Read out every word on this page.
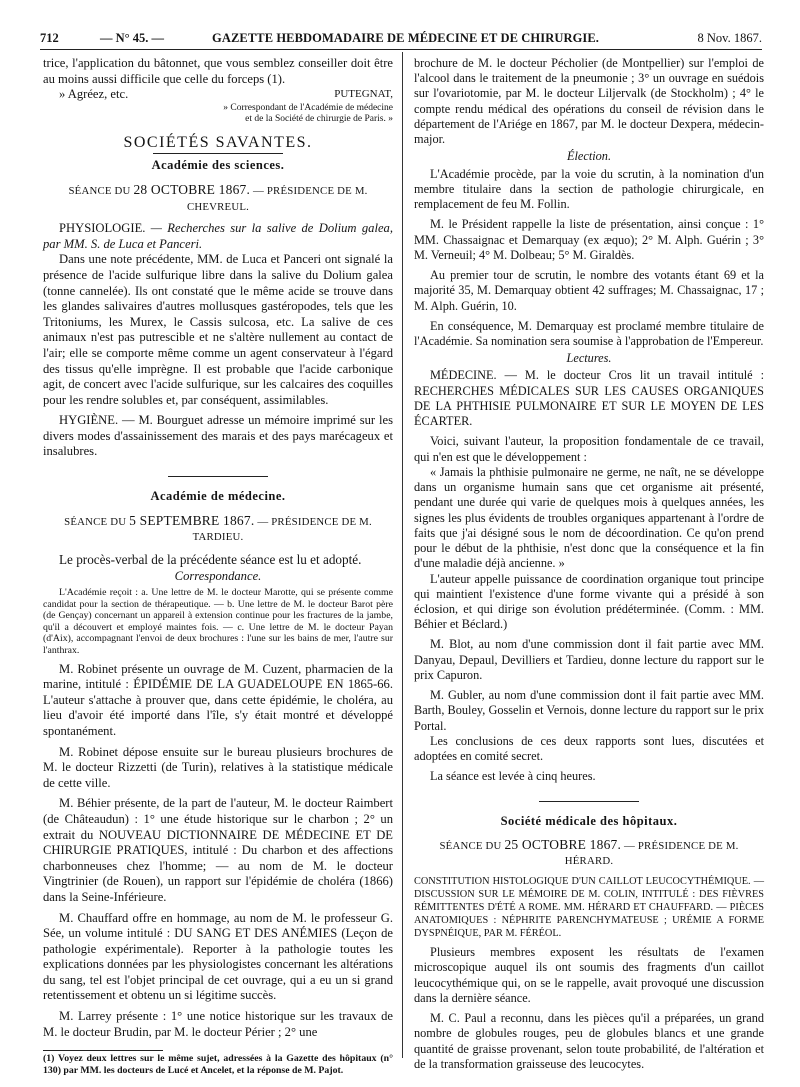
712	— N° 45. —	GAZETTE HEBDOMADAIRE DE MÉDECINE ET DE CHIRURGIE.	8 Nov. 1867.

trice, l'application du bâtonnet, que vous semblez conseiller doit être au moins aussi difficile que celle du forceps (1).

» Agréez, etc.	PUTEGNAT,

» Correspondant de l'Académie de médecine

et de la Société de chirurgie de Paris. »

SOCIÉTÉS SAVANTES.
Académie des sciences.
SÉANCE DU 28 OCTOBRE 1867. — PRÉSIDENCE DE M. CHEVREUL.

PHYSIOLOGIE. — Recherches sur la salive de Dolium galea, par MM. S. de Luca et Panceri.

Dans une note précédente, MM. de Luca et Panceri ont signalé la présence de l'acide sulfurique libre dans la salive du Dolium galea (tonne cannelée). Ils ont constaté que le même acide se trouve dans les glandes salivaires d'autres mollusques gastéropodes, tels que les Tritoniums, les Murex, le Cassis sulcosa, etc. La salive de ces animaux n'est pas putrescible et ne s'altère nullement au contact de l'air; elle se comporte même comme un agent conservateur à l'égard des tissus qu'elle imprègne. Il est probable que l'acide carbonique agit, de concert avec l'acide sulfurique, sur les calcaires des coquilles pour les rendre solubles et, par conséquent, assimilables.

HYGIÈNE. — M. Bourguet adresse un mémoire imprimé sur les divers modes d'assainissement des marais et des pays marécageux et insalubres.

Académie de médecine.
SÉANCE DU 5 SEPTEMBRE 1867. — PRÉSIDENCE DE M. TARDIEU.

Le procès-verbal de la précédente séance est lu et adopté.

Correspondance.

L'Académie reçoit : a. Une lettre de M. le docteur Marotte, qui se présente comme candidat pour la section de thérapeutique. — b. Une lettre de M. le docteur Barot père (de Gençay) concernant un appareil à extension continue pour les fractures de la jambe, qu'il a découvert et employé maintes fois. — c. Une lettre de M. le docteur Payan (d'Aix), accompagnant l'envoi de deux brochures : l'une sur les bains de mer, l'autre sur l'anthrax.

M. Robinet présente un ouvrage de M. Cuzent, pharmacien de la marine, intitulé : ÉPIDÉMIE DE LA GUADELOUPE EN 1865-66. L'auteur s'attache à prouver que, dans cette épidémie, le choléra, au lieu d'avoir été importé dans l'île, s'y était montré et développé spontanément.

M. Robinet dépose ensuite sur le bureau plusieurs brochures de M. le docteur Rizzetti (de Turin), relatives à la statistique médicale de cette ville.

M. Béhier présente, de la part de l'auteur, M. le docteur Raimbert (de Châteaudun) : 1° une étude historique sur le charbon ; 2° un extrait du NOUVEAU DICTIONNAIRE DE MÉDECINE ET DE CHIRURGIE PRATIQUES, intitulé : Du charbon et des affections charbonneuses chez l'homme; — au nom de M. le docteur Vingtrinier (de Rouen), un rapport sur l'épidémie de choléra (1866) dans la Seine-Inférieure.

M. Chauffard offre en hommage, au nom de M. le professeur G. Sée, un volume intitulé : DU SANG ET DES ANÉMIES (Leçon de pathologie expérimentale). Reporter à la pathologie toutes les explications données par les physiologistes concernant les altérations du sang, tel est l'objet principal de cet ouvrage, qui a eu un si grand retentissement et obtenu un si légitime succès.

M. Larrey présente : 1° une notice historique sur les travaux de M. le docteur Brudin, par M. le docteur Périer ; 2° une

(1) Voyez deux lettres sur le même sujet, adressées à la Gazette des hôpitaux (n° 130) par MM. les docteurs de Lucé et Ancelet, et la réponse de M. Pajot.

brochure de M. le docteur Pécholier (de Montpellier) sur l'emploi de l'alcool dans le traitement de la pneumonie ; 3° un ouvrage en suédois sur l'ovariotomie, par M. le docteur Liljervalk (de Stockholm) ; 4° le compte rendu médical des opérations du conseil de révision dans le département de l'Ariége en 1867, par M. le docteur Dexpera, médecin-major.

Élection.

L'Académie procède, par la voie du scrutin, à la nomination d'un membre titulaire dans la section de pathologie chirurgicale, en remplacement de feu M. Follin.

M. le Président rappelle la liste de présentation, ainsi conçue : 1° MM. Chassaignac et Demarquay (ex æquo); 2° M. Alph. Guérin ; 3° M. Verneuil; 4° M. Dolbeau; 5° M. Giraldès.

Au premier tour de scrutin, le nombre des votants étant 69 et la majorité 35, M. Demarquay obtient 42 suffrages; M. Chassaignac, 17 ; M. Alph. Guérin, 10.

En conséquence, M. Demarquay est proclamé membre titulaire de l'Académie. Sa nomination sera soumise à l'approbation de l'Empereur.

Lectures.

MÉDECINE. — M. le docteur Cros lit un travail intitulé : RECHERCHES MÉDICALES SUR LES CAUSES ORGANIQUES DE LA PHTHISIE PULMONAIRE ET SUR LE MOYEN DE LES ÉCARTER.

Voici, suivant l'auteur, la proposition fondamentale de ce travail, qui n'en est que le développement :

« Jamais la phthisie pulmonaire ne germe, ne naît, ne se développe dans un organisme humain sans que cet organisme ait présenté, pendant une durée qui varie de quelques mois à quelques années, les signes les plus évidents de troubles organiques appartenant à l'ordre de faits que j'ai désigné sous le nom de décoordination. Ce qu'on prend pour le début de la phthisie, n'est donc que la conséquence et la fin d'une maladie déjà ancienne. »

L'auteur appelle puissance de coordination organique tout principe qui maintient l'existence d'une forme vivante qui a présidé à son éclosion, et qui dirige son évolution prédéterminée. (Comm. : MM. Béhier et Béclard.)

M. Blot, au nom d'une commission dont il fait partie avec MM. Danyau, Depaul, Devilliers et Tardieu, donne lecture du rapport sur le prix Capuron.

M. Gubler, au nom d'une commission dont il fait partie avec MM. Barth, Bouley, Gosselin et Vernois, donne lecture du rapport sur le prix Portal.

Les conclusions de ces deux rapports sont lues, discutées et adoptées en comité secret.

La séance est levée à cinq heures.

Société médicale des hôpitaux.
SÉANCE DU 25 OCTOBRE 1867. — PRÉSIDENCE DE M. HÉRARD.

CONSTITUTION HISTOLOGIQUE D'UN CAILLOT LEUCOCYTHÉMIQUE. — DISCUSSION SUR LE MÉMOIRE DE M. COLIN, INTITULÉ : DES FIÈVRES RÉMITTENTES D'ÉTÉ A ROME. MM. HÉRARD ET CHAUFFARD. — PIÈCES ANATOMIQUES : NÉPHRITE PARENCHYMATEUSE ; URÉMIE A FORME DYSPNÉIQUE, PAR M. FÉRÉOL.

Plusieurs membres exposent les résultats de l'examen microscopique auquel ils ont soumis des fragments d'un caillot leucocythémique qui, on se le rappelle, avait provoqué une discussion dans la dernière séance.

M. C. Paul a reconnu, dans les pièces qu'il a préparées, un grand nombre de globules rouges, peu de globules blancs et une grande quantité de graisse provenant, selon toute probabilité, de l'altération et de la transformation graisseuse des leucocytes.
